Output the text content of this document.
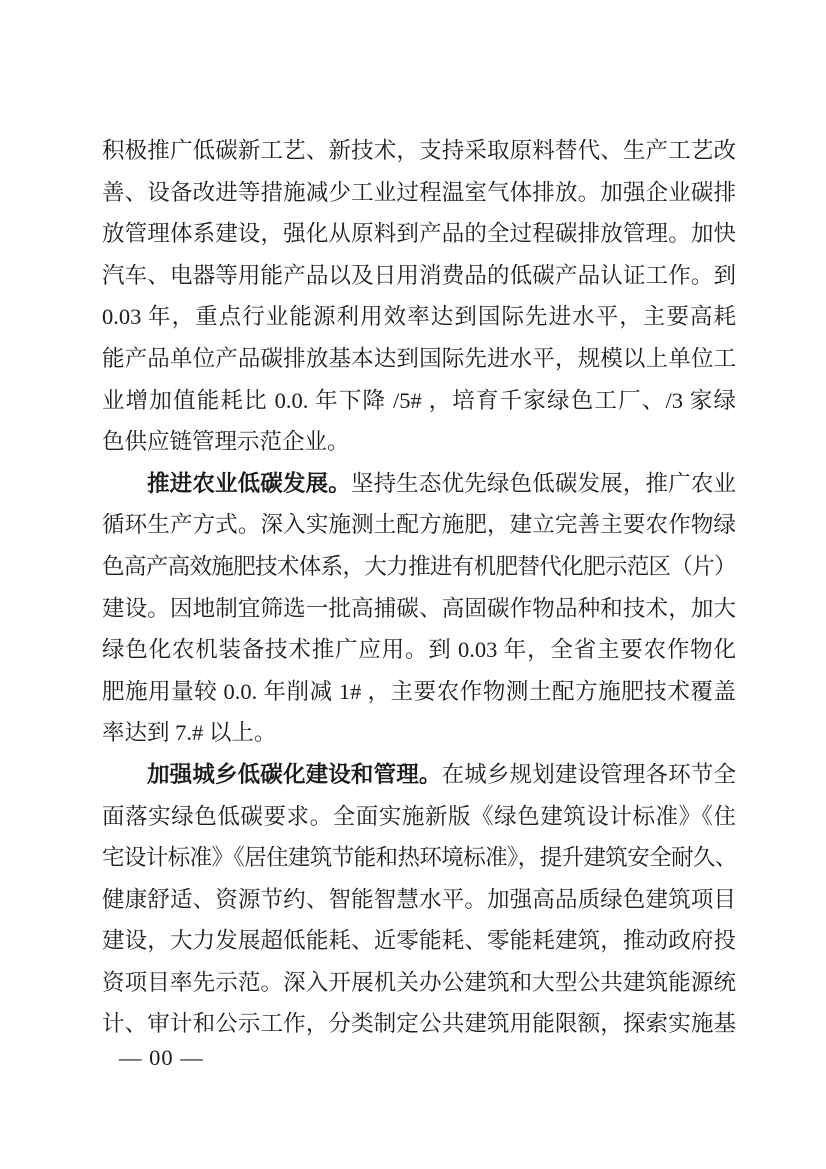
积极推广低碳新工艺、新技术，支持采取原料替代、生产工艺改
善、设备改进等措施减少工业过程温室气体排放。加强企业碳排
放管理体系建设，强化从原料到产品的全过程碳排放管理。加快
汽车、电器等用能产品以及日用消费品的低碳产品认证工作。到
0.03 年，重点行业能源利用效率达到国际先进水平，主要高耗
能产品单位产品碳排放基本达到国际先进水平，规模以上单位工
业增加值能耗比 0.0. 年下降 /5# ，培育千家绿色工厂、/3 家绿
色供应链管理示范企业。
推进农业低碳发展。坚持生态优先绿色低碳发展，推广农业
循环生产方式。深入实施测土配方施肥，建立完善主要农作物绿
色高产高效施肥技术体系，大力推进有机肥替代化肥示范区（片）
建设。因地制宜筛选一批高捕碳、高固碳作物品种和技术，加大
绿色化农机装备技术推广应用。到 0.03 年，全省主要农作物化
肥施用量较 0.0. 年削减 1# ，主要农作物测土配方施肥技术覆盖
率达到 7.# 以上。
加强城乡低碳化建设和管理。在城乡规划建设管理各环节全
面落实绿色低碳要求。全面实施新版《绿色建筑设计标准》《住
宅设计标准》《居住建筑节能和热环境标准》，提升建筑安全耐久、
健康舒适、资源节约、智能智慧水平。加强高品质绿色建筑项目
建设，大力发展超低能耗、近零能耗、零能耗建筑，推动政府投
资项目率先示范。深入开展机关办公建筑和大型公共建筑能源统
计、审计和公示工作，分类制定公共建筑用能限额，探索实施基
— 00 —
